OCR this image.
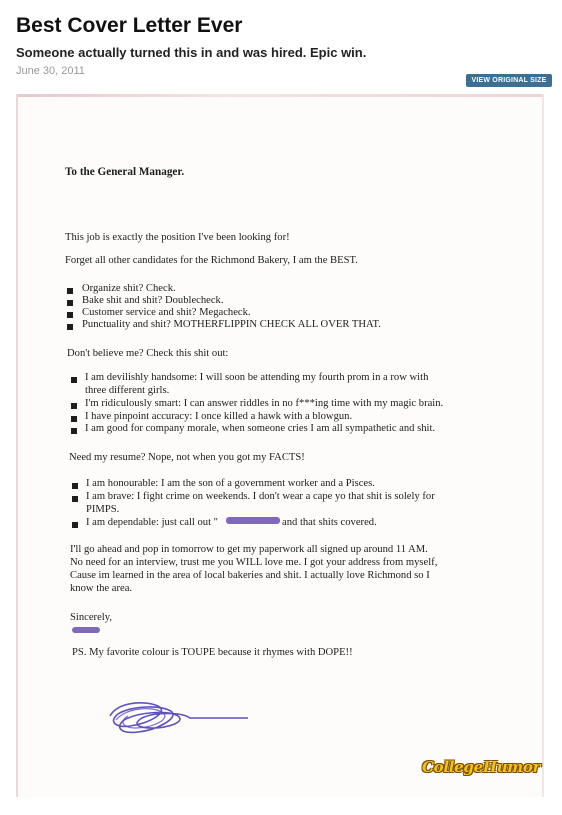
Best Cover Letter Ever

Someone actually turned this in and was hired. Epic win.

June 30, 2011

VIEW ORIGINAL SIZE

To the General Manager.

This job is exactly the position I've been looking for!

Forget all other candidates for the Richmond Bakery, I am the BEST.

Organize shit? Check.

Bake shit and shit? Doublecheck.

Customer service and shit? Megacheck.

Punctuality and shit? MOTHERFLIPPIN CHECK ALL OVER THAT.

Don't believe me? Check this shit out:

I am devilishly handsome: I will soon be attending my fourth prom in a row with

three different girls.

I'm ridiculously smart: I can answer riddles in no f***ing time with my magic brain.

I have pinpoint accuracy: I once killed a hawk with a blowgun.

I am good for company morale, when someone cries I am all sympathetic and shit.

Need my resume? Nope, not when you got my FACTS!

I am honourable: I am the son of a government worker and a Pisces.

I am brave: I fight crime on weekends. I don't wear a cape yo that shit is solely for

PIMPS.

I am dependable: just call out "	and that shits covered.

I'll go ahead and pop in tomorrow to get my paperwork all signed up around 11 AM.

No need for an interview, trust me you WILL love me. I got your address from myself,

Cause im learned in the area of local bakeries and shit. I actually love Richmond so I

know the area.

Sincerely,

PS. My favorite colour is TOUPE because it rhymes with DOPE!!

CollegeHumor
